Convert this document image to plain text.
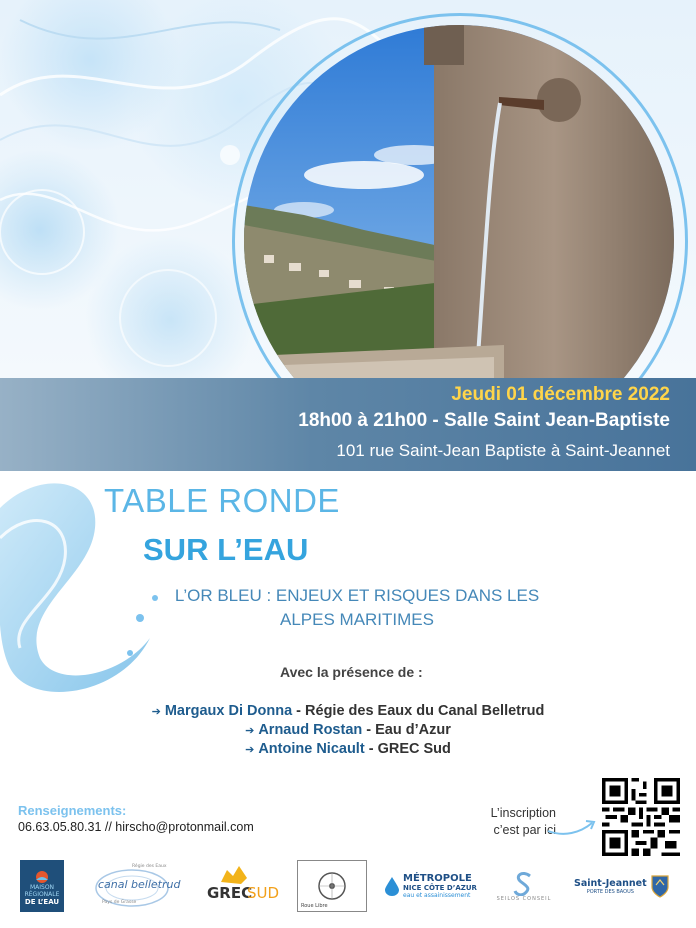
Jeudi 01 décembre 2022
18h00 à 21h00 - Salle Saint Jean-Baptiste
101 rue Saint-Jean Baptiste à Saint-Jeannet
TABLE RONDE
SUR L’EAU
L’OR BLEU : ENJEUX ET RISQUES DANS LES
ALPES MARITIMES
Avec la présence de :
➔ Margaux Di Donna - Régie des Eaux du Canal Belletrud
➔ Arnaud Rostan - Eau d’Azur
➔ Antoine Nicault - GREC Sud
Renseignements:
06.63.05.80.31 // hirscho@protonmail.com
L’inscription
c’est par ici
MAISON
RÉGIONALE
DE L’EAU
canal belletrud
Régie des Eaux
Pays de Grasse
GREC
SUD
Roue Libre
MÉTROPOLE
NICE CÔTE D’AZUR
eau et assainissement	SEILOS CONSEIL
Saint-Jeannet
PORTE DES BAOUS
